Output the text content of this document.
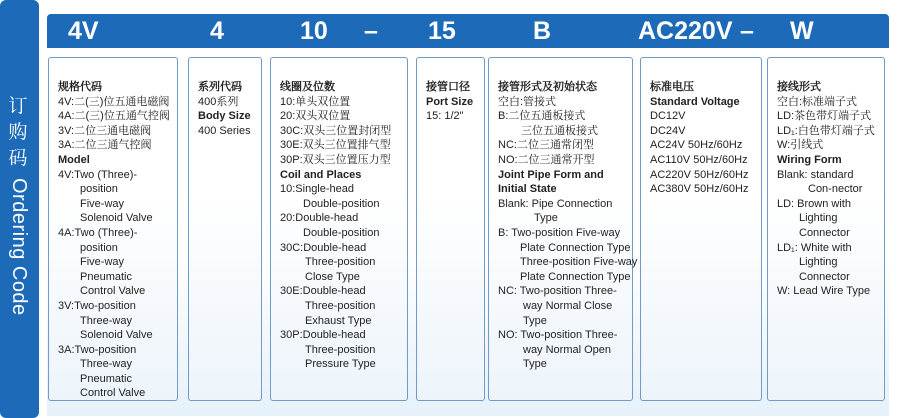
订购码
Ordering Code
4V	4	10 – 15	B	AC220V – W
规格代码
4V:二(三)位五通电磁阀
4A:二(三)位五通气控阀
3V:二位三通电磁阀
3A:二位三通气控阀
Model
4V:Two (Three)-
position
Five-way
Solenoid Valve
4A:Two (Three)-
position
Five-way
Pneumatic
Control Valve
3V:Two-position
Three-way
Solenoid Valve
3A:Two-position
Three-way
Pneumatic
Control Valve
系列代码
400系列
Body Size
400 Series
线圈及位数
10:单头双位置
20:双头双位置
30C:双头三位置封闭型
30E:双头三位置排气型
30P:双头三位置压力型
Coil and Places
10:Single-head
Double-position
20:Double-head
Double-position
30C:Double-head
Three-position
Close Type
30E:Double-head
Three-position
Exhaust Type
30P:Double-head
Three-position
Pressure Type
接管口径
Port Size
15: 1/2"
接管形式及初始状态
空白:管接式
B:二位五通板接式
三位五通板接式
NC:二位三通常闭型
NO:二位三通常开型
Joint Pipe Form and
Initial State
Blank: Pipe Connection
Type
B: Two-position Five-way
Plate Connection Type
Three-position Five-way
Plate Connection Type
NC: Two-position Three-
way Normal Close
Type
NO: Two-position Three-
way Normal Open
Type
标准电压
Standard Voltage
DC12V
DC24V
AC24V 50Hz/60Hz
AC110V 50Hz/60Hz
AC220V 50Hz/60Hz
AC380V 50Hz/60Hz
接线形式
空白:标准端子式
LD:茶色带灯端子式
LD₁:白色带灯端子式
W:引线式
Wiring Form
Blank: standard
Con-nector
LD: Brown with
Lighting
Connector
LD₁: White with
Lighting
Connector
W: Lead Wire Type
